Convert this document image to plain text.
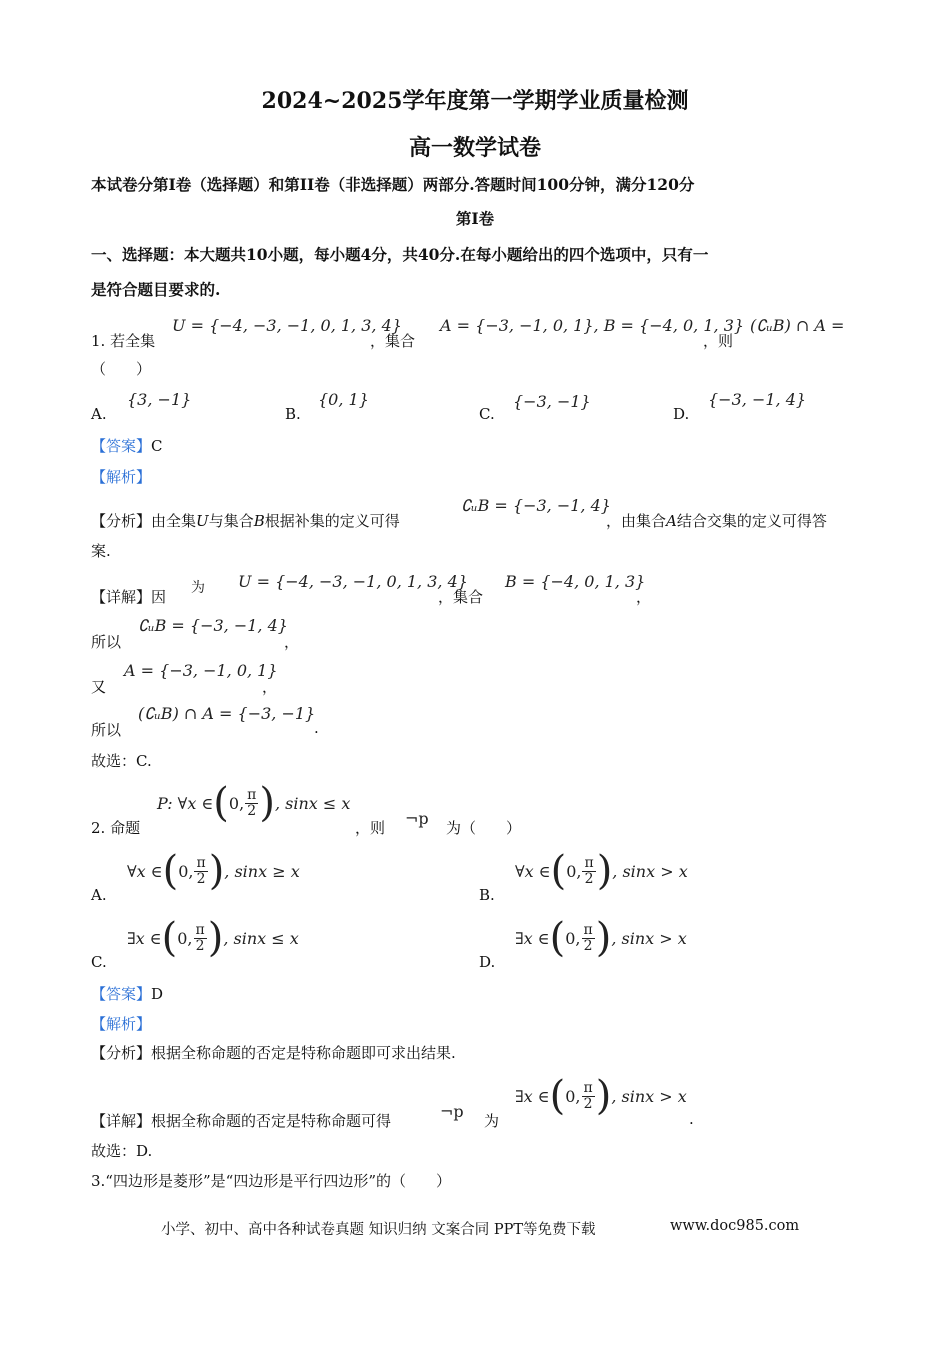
2024~2025学年度第一学期学业质量检测
高一数学试卷
本试卷分第I卷（选择题）和第II卷（非选择题）两部分.答题时间100分钟，满分120分
第I卷
一、选择题：本大题共10小题，每小题4分，共40分.在每小题给出的四个选项中，只有一
是符合题目要求的.
1. 若全集
U = {−4, −3, −1, 0, 1, 3, 4}
，集合
A = {−3, −1, 0, 1}, B = {−4, 0, 1, 3}
，则
(∁ᵤB) ∩ A =
（　　）
A.
{3, −1}
B.
{0, 1}
C.
{−3, −1}
D.
{−3, −1, 4}
【答案】C
【解析】
【分析】由全集U与集合B根据补集的定义可得
∁ᵤB = {−3, −1, 4}
，由集合A结合交集的定义可得答
案.
【详解】因 为 U = {−4, −3, −1, 0, 1, 3, 4}
，集合
B = {−4, 0, 1, 3}
，
所以
∁ᵤB = {−3, −1, 4}
，
又
A = {−3, −1, 0, 1}
，
所以
(∁ᵤB) ∩ A = {−3, −1}
.
故选：C.
2. 命题
P: ∀x ∈ ( 0, $\frac{\pi}{2}$ ) , sinx ≤ x
，则 ¬p 为（　　）
A.
∀x ∈ ( 0, $\frac{\pi}{2}$ ) , sinx ≥ x
B.
∀x ∈ ( 0, $\frac{\pi}{2}$ ) , sinx > x
C.
∃x ∈ ( 0, $\frac{\pi}{2}$ ) , sinx ≤ x
D.
∃x ∈ ( 0, $\frac{\pi}{2}$ ) , sinx > x
【答案】D
【解析】
【分析】根据全称命题的否定是特称命题即可求出结果.
【详解】根据全称命题的否定是特称命题可得	¬p 为
∃x ∈ ( 0, $\frac{\pi}{2}$ ) , sinx > x
.
故选：D.
3.“四边形是菱形”是“四边形是平行四边形”的（　　）
小学、初中、高中各种试卷真题 知识归纳 文案合同 PPT等免费下载	www.doc985.com
